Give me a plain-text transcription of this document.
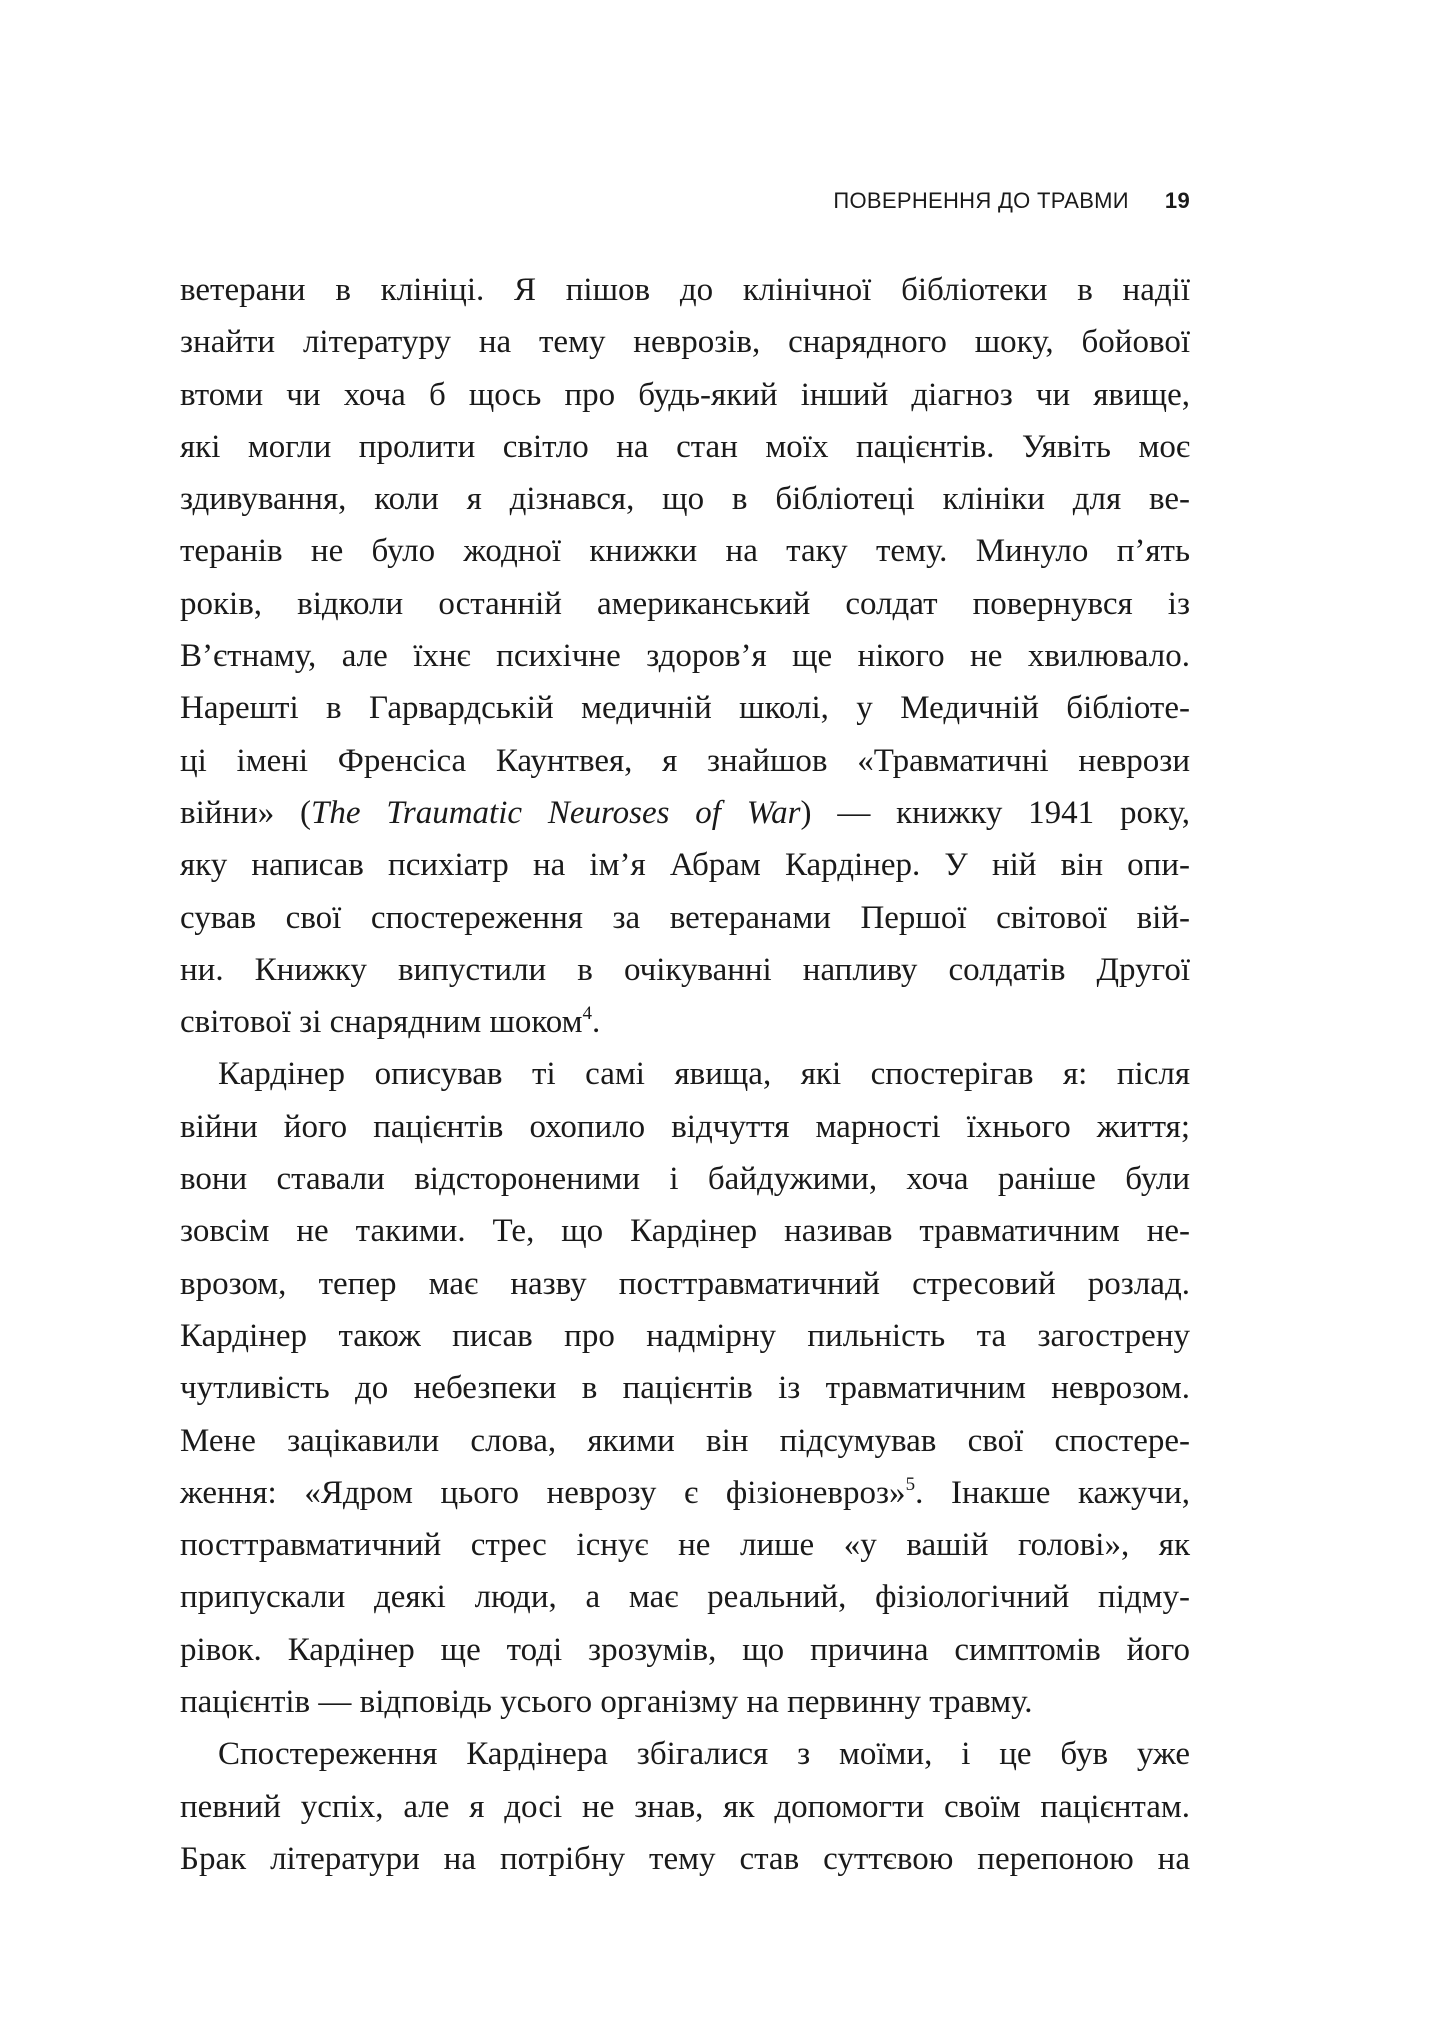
ПОВЕРНЕННЯ ДО ТРАВМИ 19
ветерани в клініці. Я пішов до клінічної бібліотеки в надії
знайти літературу на тему неврозів, снарядного шоку, бойової
втоми чи хоча б щось про будь-який інший діагноз чи явище,
які могли пролити світло на стан моїх пацієнтів. Уявіть моє
здивування, коли я дізнався, що в бібліотеці клініки для ве-
теранів не було жодної книжки на таку тему. Минуло п’ять
років, відколи останній американський солдат повернувся із
В’єтнаму, але їхнє психічне здоров’я ще нікого не хвилювало.
Нарешті в Гарвардській медичній школі, у Медичній бібліоте-
ці імені Френсіса Каунтвея, я знайшов «Травматичні неврози
війни» (The Traumatic Neuroses of War) — книжку 1941 року,
яку написав психіатр на ім’я Абрам Кардінер. У ній він опи-
сував свої спостереження за ветеранами Першої світової вій-
ни. Книжку випустили в очікуванні напливу солдатів Другої
світової зі снарядним шоком$^4$.
Кардінер описував ті самі явища, які спостерігав я: після
війни його пацієнтів охопило відчуття марності їхнього життя;
вони ставали відстороненими і байдужими, хоча раніше були
зовсім не такими. Те, що Кардінер називав травматичним не-
врозом, тепер має назву посттравматичний стресовий розлад.
Кардінер також писав про надмірну пильність та загострену
чутливість до небезпеки в пацієнтів із травматичним неврозом.
Мене зацікавили слова, якими він підсумував свої спостере-
ження: «Ядром цього неврозу є фізіоневроз»$^5$. Інакше кажучи,
посттравматичний стрес існує не лише «у вашій голові», як
припускали деякі люди, а має реальний, фізіологічний підму-
рівок. Кардінер ще тоді зрозумів, що причина симптомів його
пацієнтів — відповідь усього організму на первинну травму.
Спостереження Кардінера збігалися з моїми, і це був уже
певний успіх, але я досі не знав, як допомогти своїм пацієнтам.
Брак літератури на потрібну тему став суттєвою перепоною на
